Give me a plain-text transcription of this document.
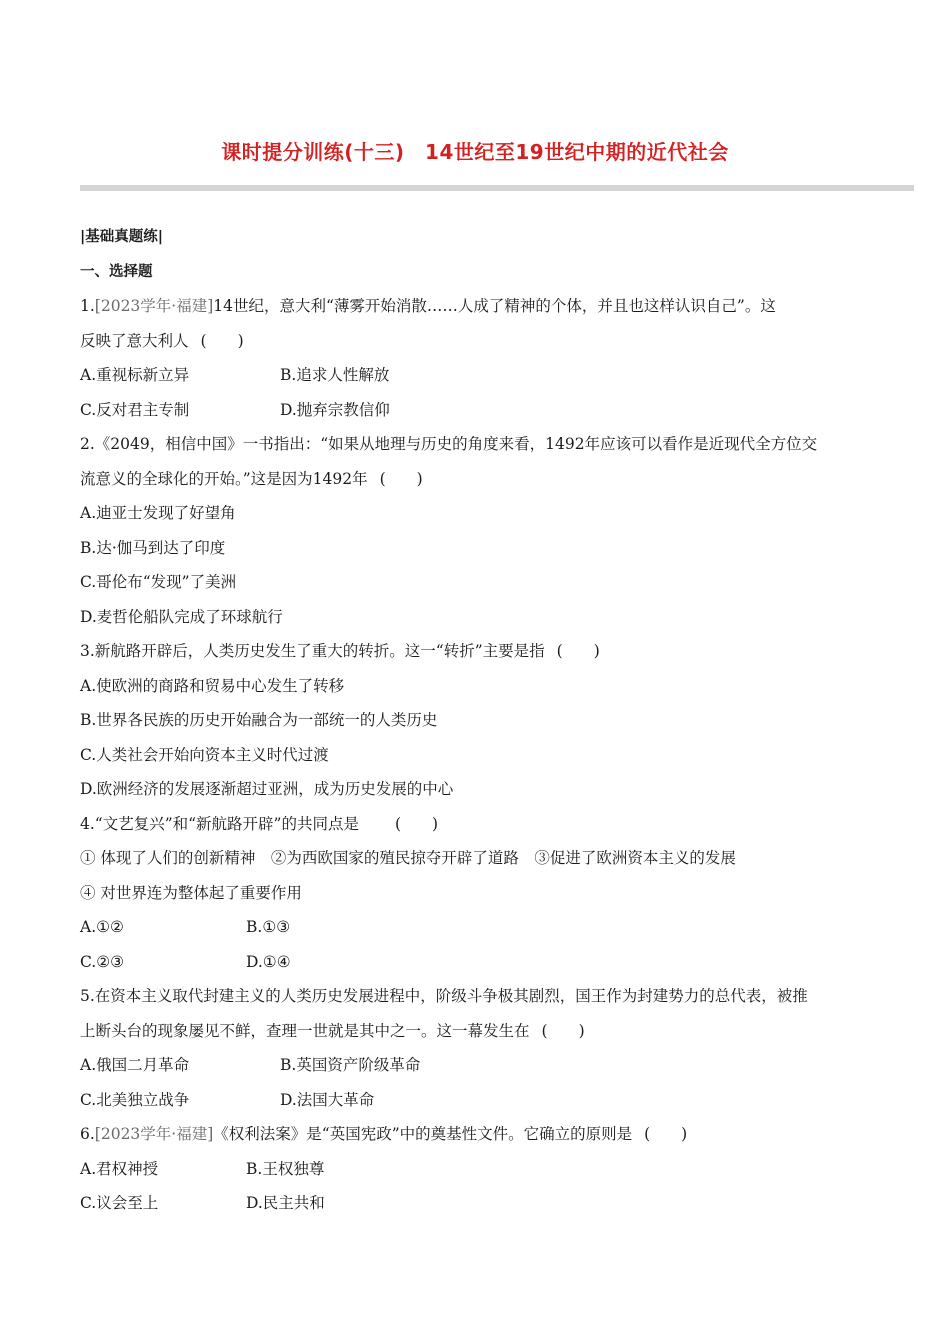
课时提分训练(十三)　14世纪至19世纪中期的近代社会
|基础真题练|
一、选择题
1.[2023学年·福建]14世纪，意大利“薄雾开始消散……人成了精神的个体，并且也这样认识自己”。这
反映了意大利人 (　　)
A.重视标新立异	B.追求人性解放
C.反对君主专制	D.抛弃宗教信仰
2.《2049，相信中国》一书指出：“如果从地理与历史的角度来看，1492年应该可以看作是近现代全方位交
流意义的全球化的开始。”这是因为1492年 (　　)
A.迪亚士发现了好望角
B.达·伽马到达了印度
C.哥伦布“发现”了美洲
D.麦哲伦船队完成了环球航行
3.新航路开辟后，人类历史发生了重大的转折。这一“转折”主要是指 (　　)
A.使欧洲的商路和贸易中心发生了转移
B.世界各民族的历史开始融合为一部统一的人类历史
C.人类社会开始向资本主义时代过渡
D.欧洲经济的发展逐渐超过亚洲，成为历史发展的中心
4.“文艺复兴”和“新航路开辟”的共同点是 (　　)
① 体现了人们的创新精神　②为西欧国家的殖民掠夺开辟了道路　③促进了欧洲资本主义的发展
④ 对世界连为整体起了重要作用
A.①②	B.①③
C.②③	D.①④
5.在资本主义取代封建主义的人类历史发展进程中，阶级斗争极其剧烈，国王作为封建势力的总代表，被推
上断头台的现象屡见不鲜，查理一世就是其中之一。这一幕发生在 (　　)
A.俄国二月革命	B.英国资产阶级革命
C.北美独立战争	D.法国大革命
6.[2023学年·福建]《权利法案》是“英国宪政”中的奠基性文件。它确立的原则是 (　　)
A.君权神授	B.王权独尊
C.议会至上	D.民主共和
